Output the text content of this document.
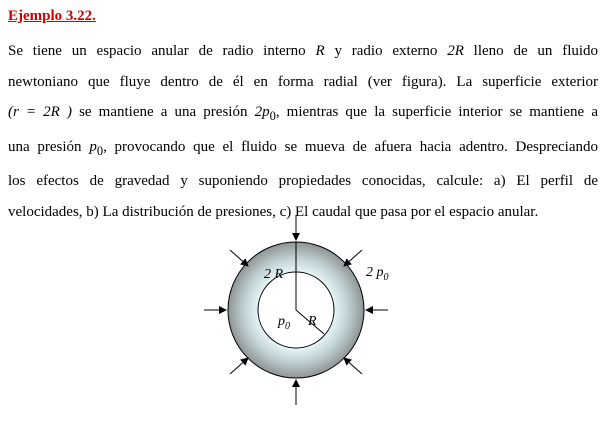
Ejemplo 3.22.
Se tiene un espacio anular de radio interno R y radio externo 2R lleno de un fluido
newtoniano que fluye dentro de él en forma radial (ver figura). La superficie exterior
(r = 2R ) se mantiene a una presión $2p_0$, mientras que la superficie interior se mantiene a
una presión $p_0$, provocando que el fluido se mueva de afuera hacia adentro. Despreciando
los efectos de gravedad y suponiendo propiedades conocidas, calcule: a) El perfil de
velocidades, b) La distribución de presiones, c) El caudal que pasa por el espacio anular.
2 R	2 $p_0$
$p_0$ R
